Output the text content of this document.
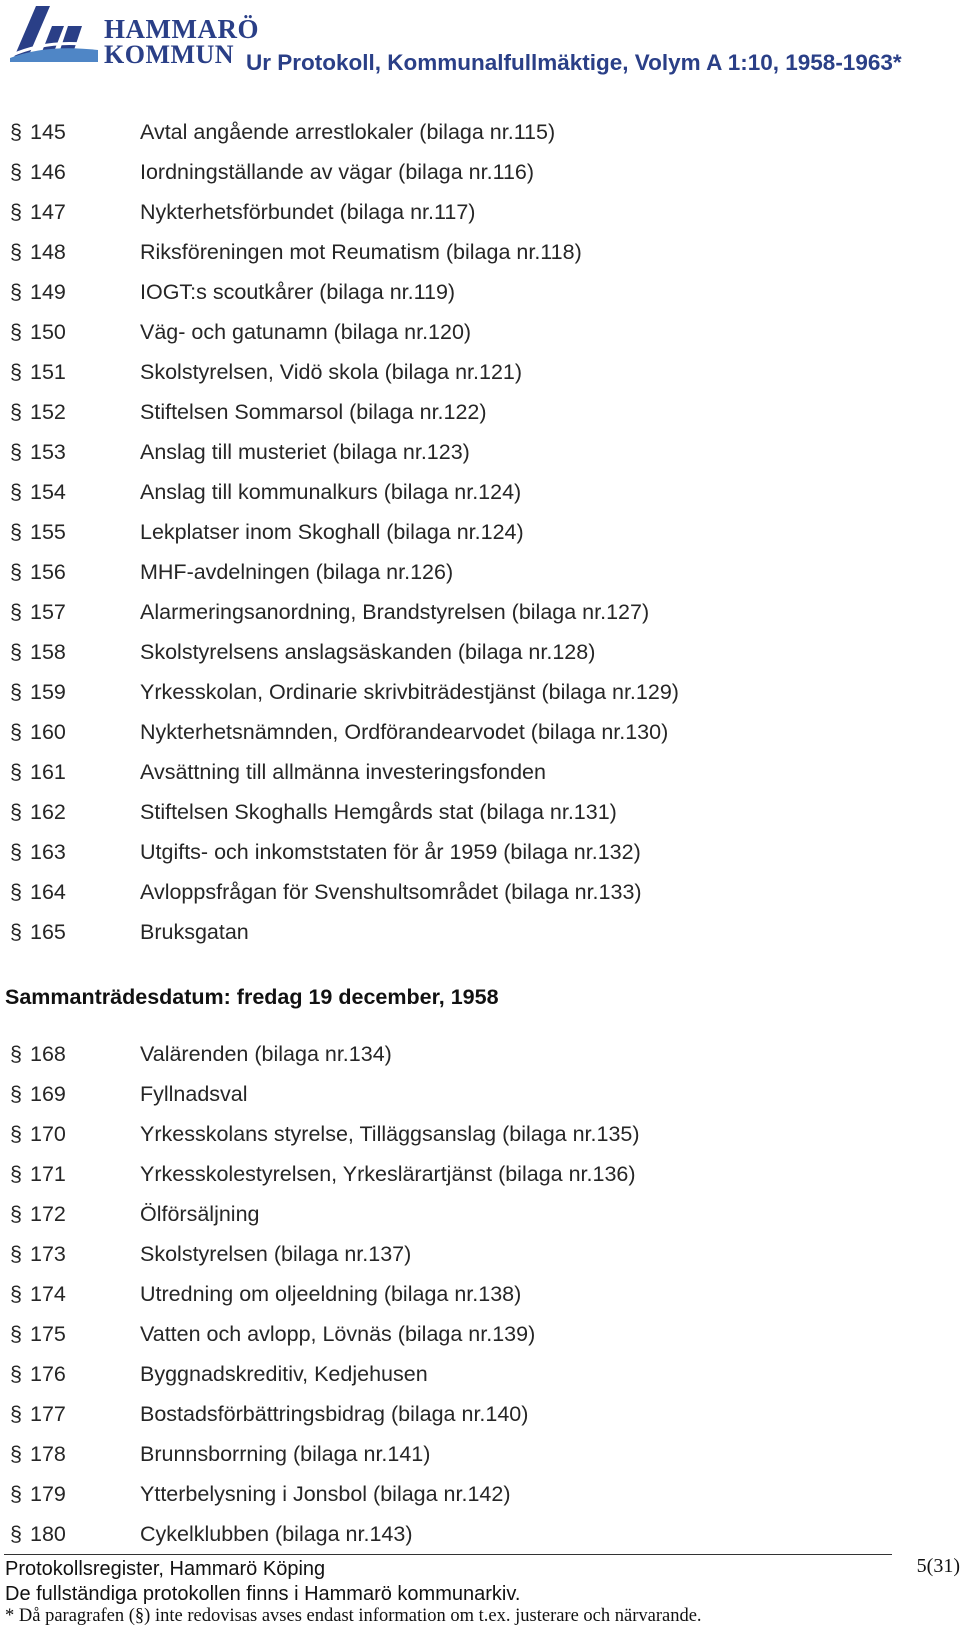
HAMMARÖ
KOMMUN Ur Protokoll, Kommunalfullmäktige, Volym A 1:10, 1958-1963*
§ 145	Avtal angående arrestlokaler (bilaga nr.115)
§ 146	Iordningställande av vägar (bilaga nr.116)
§ 147	Nykterhetsförbundet (bilaga nr.117)
§ 148	Riksföreningen mot Reumatism (bilaga nr.118)
§ 149	IOGT:s scoutkårer (bilaga nr.119)
§ 150	Väg- och gatunamn (bilaga nr.120)
§ 151	Skolstyrelsen, Vidö skola (bilaga nr.121)
§ 152	Stiftelsen Sommarsol (bilaga nr.122)
§ 153	Anslag till musteriet (bilaga nr.123)
§ 154	Anslag till kommunalkurs (bilaga nr.124)
§ 155	Lekplatser inom Skoghall (bilaga nr.124)
§ 156	MHF-avdelningen (bilaga nr.126)
§ 157	Alarmeringsanordning, Brandstyrelsen (bilaga nr.127)
§ 158	Skolstyrelsens anslagsäskanden (bilaga nr.128)
§ 159	Yrkesskolan, Ordinarie skrivbiträdestjänst (bilaga nr.129)
§ 160	Nykterhetsnämnden, Ordförandearvodet (bilaga nr.130)
§ 161	Avsättning till allmänna investeringsfonden
§ 162	Stiftelsen Skoghalls Hemgårds stat (bilaga nr.131)
§ 163	Utgifts- och inkomststaten för år 1959 (bilaga nr.132)
§ 164	Avloppsfrågan för Svenshultsområdet (bilaga nr.133)
§ 165	Bruksgatan
Sammanträdesdatum: fredag 19 december, 1958
§ 168	Valärenden (bilaga nr.134)
§ 169	Fyllnadsval
§ 170	Yrkesskolans styrelse, Tilläggsanslag (bilaga nr.135)
§ 171	Yrkesskolestyrelsen, Yrkeslärartjänst (bilaga nr.136)
§ 172	Ölförsäljning
§ 173	Skolstyrelsen (bilaga nr.137)
§ 174	Utredning om oljeeldning (bilaga nr.138)
§ 175	Vatten och avlopp, Lövnäs (bilaga nr.139)
§ 176	Byggnadskreditiv, Kedjehusen
§ 177	Bostadsförbättringsbidrag (bilaga nr.140)
§ 178	Brunnsborrning (bilaga nr.141)
§ 179	Ytterbelysning i Jonsbol (bilaga nr.142)
§ 180	Cykelklubben (bilaga nr.143)
Protokollsregister, Hammarö Köping
De fullständiga protokollen finns i Hammarö kommunarkiv.
* Då paragrafen (§) inte redovisas avses endast information om t.ex. justerare och närvarande.
5(31)
